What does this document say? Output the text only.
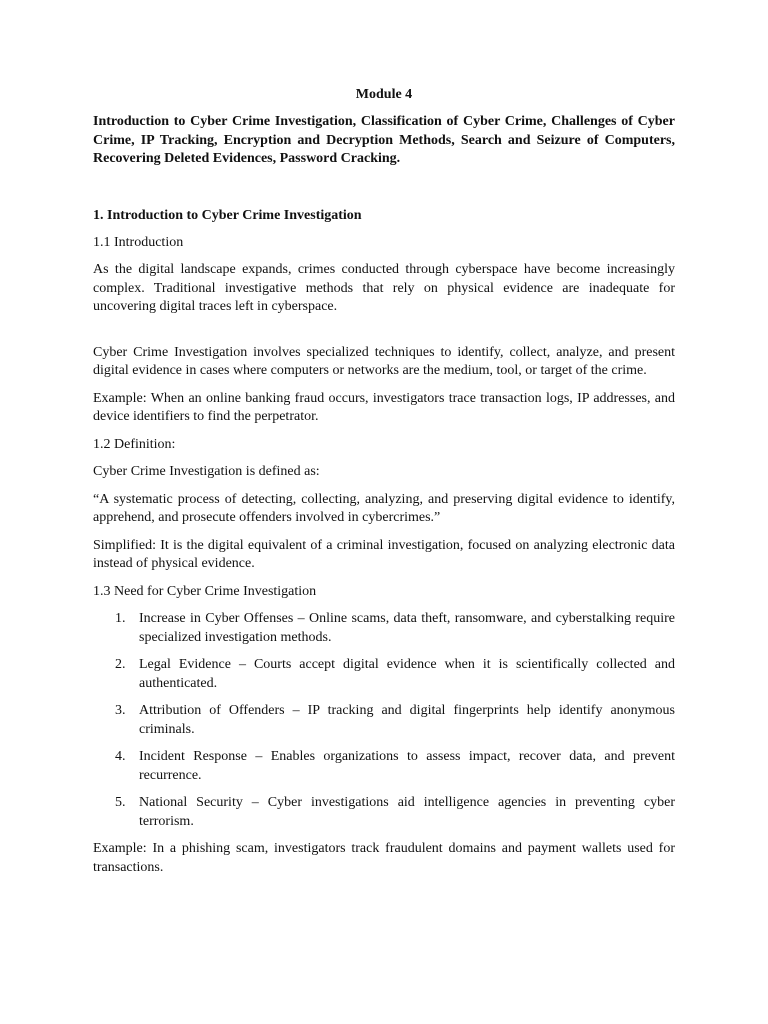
Module 4

Introduction to Cyber Crime Investigation, Classification of Cyber Crime, Challenges of Cyber Crime, IP Tracking, Encryption and Decryption Methods, Search and Seizure of Computers, Recovering Deleted Evidences, Password Cracking.

1. Introduction to Cyber Crime Investigation

1.1 Introduction

As the digital landscape expands, crimes conducted through cyberspace have become increasingly complex. Traditional investigative methods that rely on physical evidence are inadequate for uncovering digital traces left in cyberspace.

Cyber Crime Investigation involves specialized techniques to identify, collect, analyze, and present digital evidence in cases where computers or networks are the medium, tool, or target of the crime.

Example: When an online banking fraud occurs, investigators trace transaction logs, IP addresses, and device identifiers to find the perpetrator.

1.2 Definition:

Cyber Crime Investigation is defined as:

“A systematic process of detecting, collecting, analyzing, and preserving digital evidence to identify, apprehend, and prosecute offenders involved in cybercrimes.”

Simplified: It is the digital equivalent of a criminal investigation, focused on analyzing electronic data instead of physical evidence.

1.3 Need for Cyber Crime Investigation

1. Increase in Cyber Offenses – Online scams, data theft, ransomware, and cyberstalking require specialized investigation methods.
2. Legal Evidence – Courts accept digital evidence when it is scientifically collected and authenticated.
3. Attribution of Offenders – IP tracking and digital fingerprints help identify anonymous criminals.
4. Incident Response – Enables organizations to assess impact, recover data, and prevent recurrence.
5. National Security – Cyber investigations aid intelligence agencies in preventing cyber terrorism.

Example: In a phishing scam, investigators track fraudulent domains and payment wallets used for transactions.
